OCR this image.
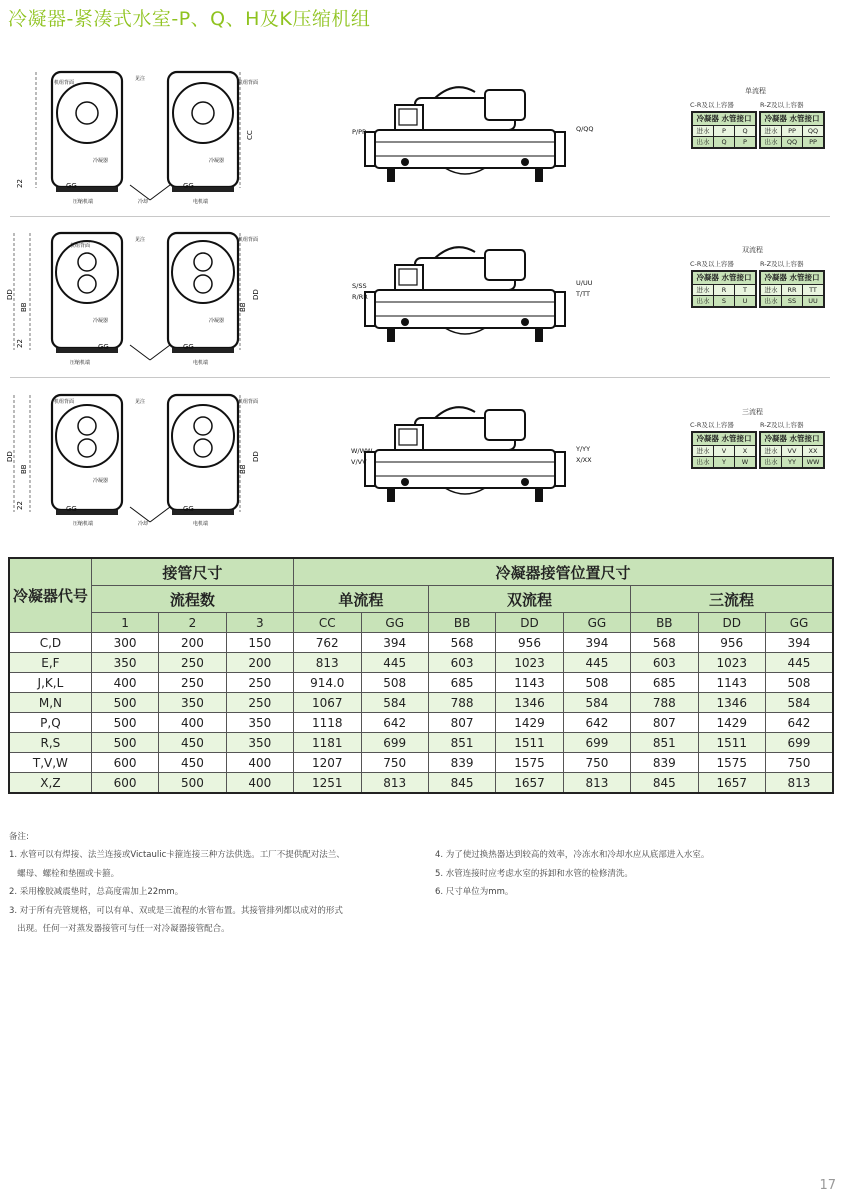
冷凝器-紧凑式水室-P、Q、H及K压缩机组
机组背面
见注
机组背面
冷凝器	冷凝器
压缩机端	冷却	电机端
机组背面
见注	机组背面
冷凝器	冷凝器
压缩机端	电机端
机组背面	见注	机组背面
冷凝器
压缩机端	冷却	电机端
GG	GG
GG	GG
GG	GG
CC
DD
BB	BB
DD
DD
BB	BB
DD
22
22
22
P/PP	Q/QQ
S/SS
R/RR
U/UU
T/TT
W/WW
V/VV
Y/YY
X/XX
单流程
C-R及以上容器	R-Z及以上容器
冷凝器 水管接口
进水	P	Q
出水	Q	P
冷凝器 水管接口
进水	PP	QQ
出水	QQ	PP
双流程
C-R及以上容器	R-Z及以上容器
冷凝器 水管接口
进水	R	T
出水	S	U
冷凝器 水管接口
进水	RR	TT
出水	SS	UU
三流程
C-R及以上容器	R-Z及以上容器
冷凝器 水管接口
进水	V	X
出水	Y	W
冷凝器 水管接口
进水	VV	XX
出水	YY	WW
冷凝器代号	接管尺寸			冷凝器接管位置尺寸							
	流程数			单流程		双流程			三流程		
	1	2	3	CC	GG	BB	DD	GG	BB	DD	GG
C,D	300	200	150	762	394	568	956	394	568	956	394
E,F	350	250	200	813	445	603	1023	445	603	1023	445
J,K,L	400	250	250	914.0	508	685	1143	508	685	1143	508
M,N	500	350	250	1067	584	788	1346	584	788	1346	584
P,Q	500	400	350	1118	642	807	1429	642	807	1429	642
R,S	500	450	350	1181	699	851	1511	699	851	1511	699
T,V,W	600	450	400	1207	750	839	1575	750	839	1575	750
X,Z	600	500	400	1251	813	845	1657	813	845	1657	813
备注:
1. 水管可以有焊接、法兰连接或Victaulic卡箍连接三种方法供选。工厂不提供配对法兰、
螺母、螺栓和垫圈或卡箍。
2. 采用橡胶减震垫时，总高度需加上22mm。
3. 对于所有壳管规格，可以有单、双或是三流程的水管布置。其接管排列都以成对的形式
出现。任何一对蒸发器接管可与任一对冷凝器接管配合。
4. 为了使过换热器达到较高的效率，冷冻水和冷却水应从底部进入水室。
5. 水管连接时应考虑水室的拆卸和水管的检修清洗。
6. 尺寸单位为mm。
17
